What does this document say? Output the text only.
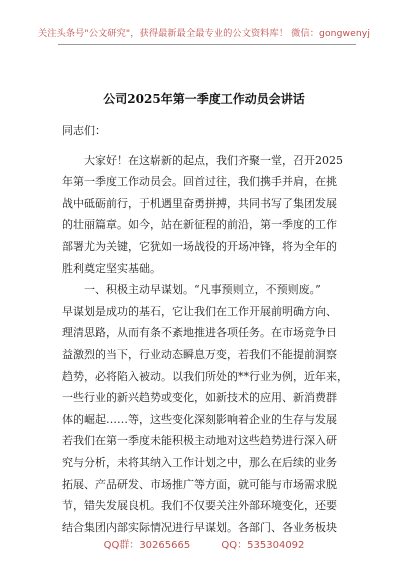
关注头条号"公文研究"，获得最新最全最专业的公文资料库！ 微信：gongwenyj
公司2025年第一季度工作动员会讲话
同志们：
大家好！在这崭新的起点，我们齐聚一堂，召开2025
年第一季度工作动员会。回首过往，我们携手并肩，在挑
战中砥砺前行，于机遇里奋勇拼搏，共同书写了集团发展
的壮丽篇章。如今，站在新征程的前沿，第一季度的工作
部署尤为关键，它犹如一场战役的开场冲锋，将为全年的
胜利奠定坚实基础。
一、积极主动早谋划。“凡事预则立，不预则废。”
早谋划是成功的基石，它让我们在工作开展前明确方向、
理清思路，从而有条不紊地推进各项任务。在市场竞争日
益激烈的当下，行业动态瞬息万变，若我们不能提前洞察
趋势，必将陷入被动。以我们所处的**行业为例，近年来，
一些行业的新兴趋势或变化，如新技术的应用、新消费群
体的崛起……等，这些变化深刻影响着企业的生存与发展
若我们在第一季度未能积极主动地对这些趋势进行深入研
究与分析，未将其纳入工作计划之中，那么在后续的业务
拓展、产品研发、市场推广等方面，就可能与市场需求脱
节，错失发展良机。我们不仅要关注外部环境变化，还要
结合集团内部实际情况进行早谋划。各部门、各业务板块
QQ群：30265665	QQ：535304092
